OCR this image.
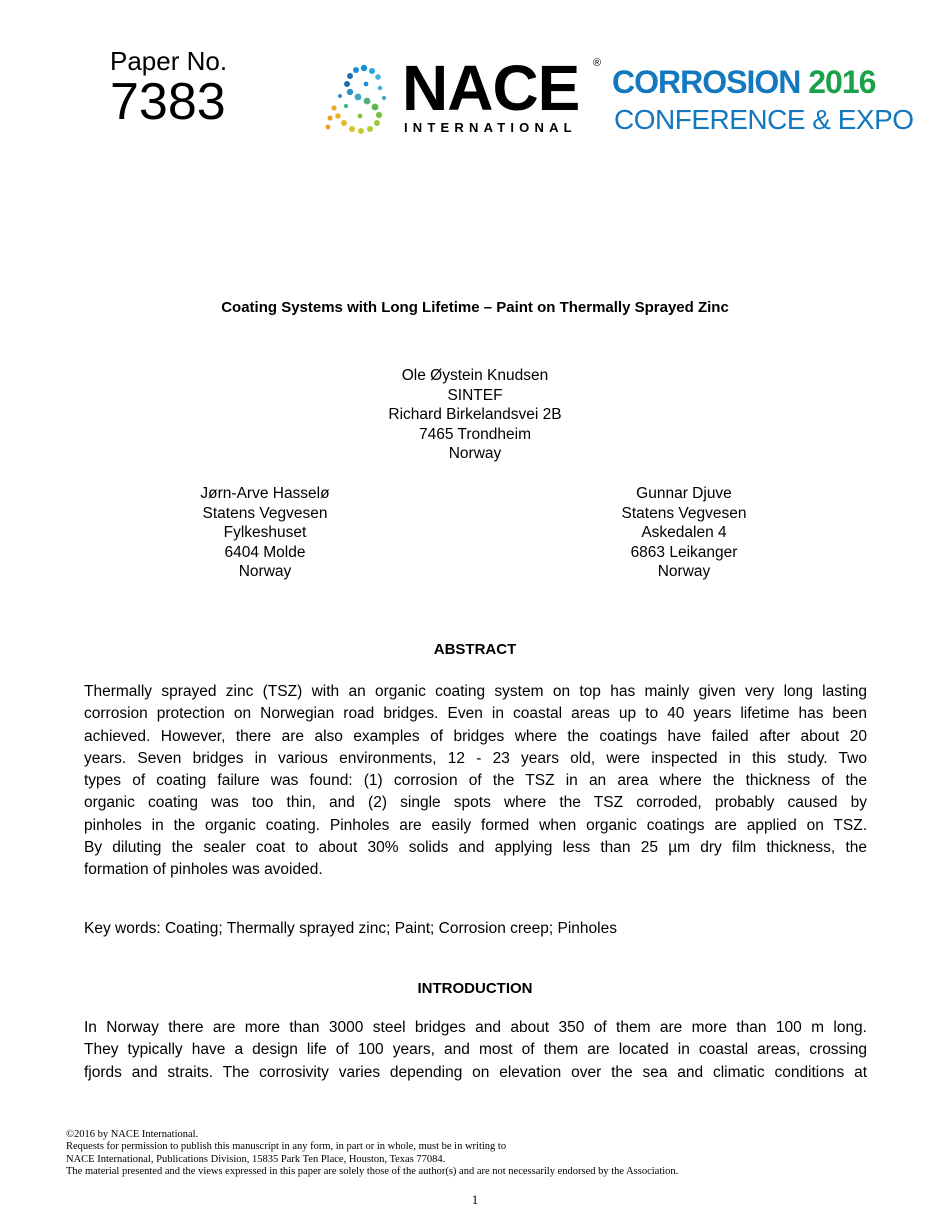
Paper No.
7383	NACE ®
INTERNATIONAL
CORROSION 2016
CONFERENCE & EXPO
Coating Systems with Long Lifetime – Paint on Thermally Sprayed Zinc
Ole Øystein Knudsen
SINTEF
Richard Birkelandsvei 2B
7465 Trondheim
Norway
Jørn-Arve Hasselø
Statens Vegvesen
Fylkeshuset
6404 Molde
Norway
Gunnar Djuve
Statens Vegvesen
Askedalen 4
6863 Leikanger
Norway
ABSTRACT
Thermally sprayed zinc (TSZ) with an organic coating system on top has mainly given very long lasting
corrosion protection on Norwegian road bridges. Even in coastal areas up to 40 years lifetime has been
achieved. However, there are also examples of bridges where the coatings have failed after about 20
years. Seven bridges in various environments, 12 - 23 years old, were inspected in this study. Two
types of coating failure was found: (1) corrosion of the TSZ in an area where the thickness of the
organic coating was too thin, and (2) single spots where the TSZ corroded, probably caused by
pinholes in the organic coating. Pinholes are easily formed when organic coatings are applied on TSZ.
By diluting the sealer coat to about 30% solids and applying less than 25 µm dry film thickness, the
formation of pinholes was avoided.
Key words: Coating; Thermally sprayed zinc; Paint; Corrosion creep; Pinholes
INTRODUCTION
In Norway there are more than 3000 steel bridges and about 350 of them are more than 100 m long.
They typically have a design life of 100 years, and most of them are located in coastal areas, crossing
fjords and straits. The corrosivity varies depending on elevation over the sea and climatic conditions at
©2016 by NACE International.
Requests for permission to publish this manuscript in any form, in part or in whole, must be in writing to
NACE International, Publications Division, 15835 Park Ten Place, Houston, Texas 77084.
The material presented and the views expressed in this paper are solely those of the author(s) and are not necessarily endorsed by the Association.
1
